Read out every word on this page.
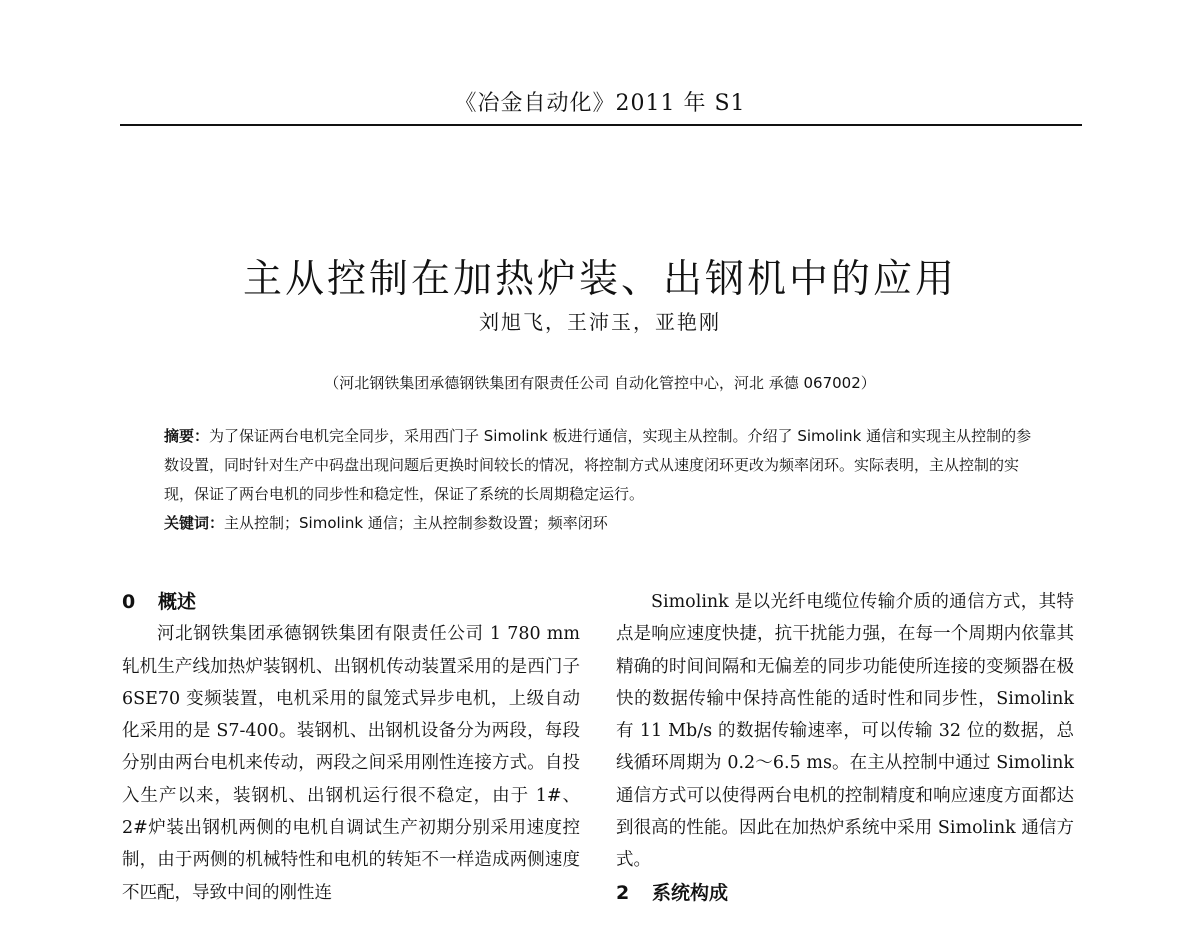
《冶金自动化》2011 年 S1
主从控制在加热炉装、出钢机中的应用
刘旭飞，王沛玉，亚艳刚
（河北钢铁集团承德钢铁集团有限责任公司 自动化管控中心，河北 承德 067002）

摘要：为了保证两台电机完全同步，采用西门子 Simolink 板进行通信，实现主从控制。介绍了 Simolink 通信和实现主从控制的参数设置，同时针对生产中码盘出现问题后更换时间较长的情况，将控制方式从速度闭环更改为频率闭环。实际表明，主从控制的实现，保证了两台电机的同步性和稳定性，保证了系统的长周期稳定运行。

关键词：主从控制；Simolink 通信；主从控制参数设置；频率闭环

0 概述

河北钢铁集团承德钢铁集团有限责任公司 1 780 mm轧机生产线加热炉装钢机、出钢机传动装置采用的是西门子 6SE70 变频装置，电机采用的鼠笼式异步电机，上级自动化采用的是 S7-400。装钢机、出钢机设备分为两段，每段分别由两台电机来传动，两段之间采用刚性连接方式。自投入生产以来，装钢机、出钢机运行很不稳定，由于 1#、2#炉装出钢机两侧的电机自调试生产初期分别采用速度控制，由于两侧的机械特性和电机的转矩不一样造成两侧速度不匹配，导致中间的刚性连

Simolink 是以光纤电缆位传输介质的通信方式，其特点是响应速度快捷，抗干扰能力强，在每一个周期内依靠其精确的时间间隔和无偏差的同步功能使所连接的变频器在极快的数据传输中保持高性能的适时性和同步性，Simolink 有 11 Mb/s 的数据传输速率，可以传输 32 位的数据，总线循环周期为 0.2～6.5 ms。在主从控制中通过 Simolink 通信方式可以使得两台电机的控制精度和响应速度方面都达到很高的性能。因此在加热炉系统中采用 Simolink 通信方式。

2 系统构成
